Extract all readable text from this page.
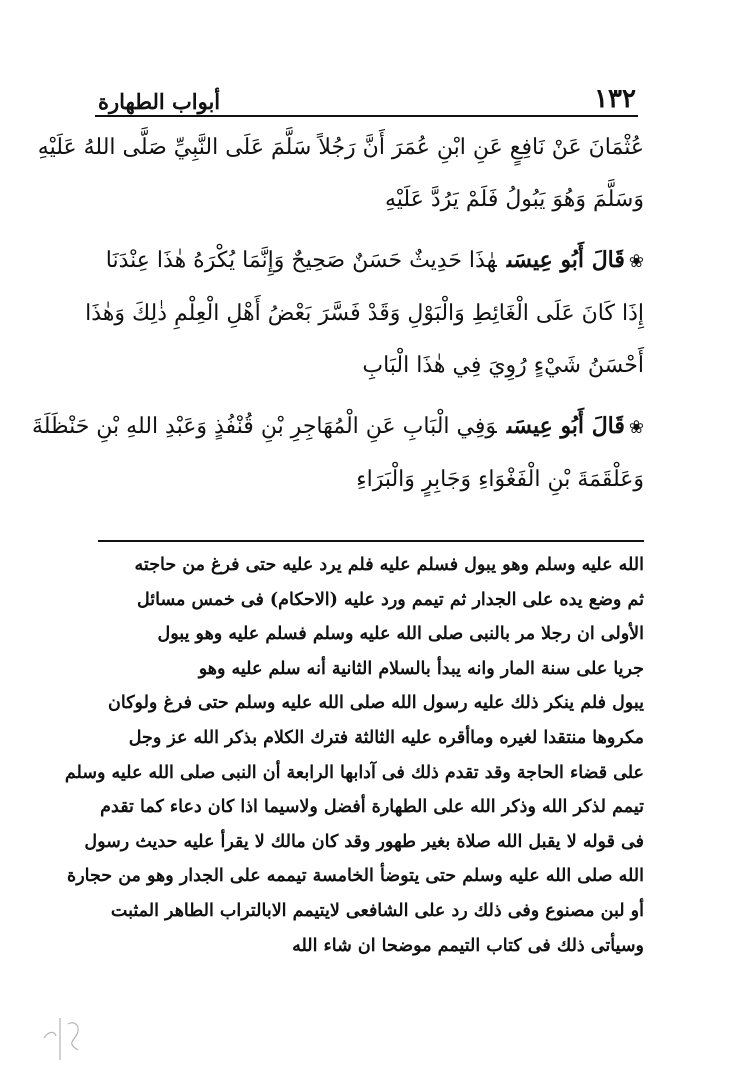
١٣٢
أبواب الطهارة

عُثْمَانَ عَنْ نَافِعٍ عَنِ ابْنِ عُمَرَ أَنَّ رَجُلاً سَلَّمَ عَلَى النَّبِيِّ صَلَّى اللهُ عَلَيْهِ
وَسَلَّمَ وَهُوَ يَبُولُ فَلَمْ يَرُدَّ عَلَيْهِ

❀قَالَ أَبُو عِيسَىهٰذَا حَدِيثٌ حَسَنٌ صَحِيحٌ وَإِنَّمَا يُكْرَهُ هٰذَا عِنْدَنَا
إِذَا كَانَ عَلَى الْغَائِطِ وَالْبَوْلِ وَقَدْ فَسَّرَ بَعْضُ أَهْلِ الْعِلْمِ ذٰلِكَ وَهٰذَا
أَحْسَنُ شَيْءٍ رُوِيَ فِي هٰذَا الْبَابِ

❀قَالَ أَبُو عِيسَىوَفِي الْبَابِ عَنِ الْمُهَاجِرِ بْنِ قُنْفُذٍ وَعَبْدِ اللهِ بْنِ حَنْظَلَةَ
وَعَلْقَمَةَ بْنِ الْفَغْوَاءِ وَجَابِرٍ وَالْبَرَاءِ

الله عليه وسلم وهو يبول فسلم عليه فلم يرد عليه حتى فرغ من حاجته
ثم وضع يده على الجدار ثم تيمم ورد عليه (الاحكام) فى خمس مسائل
الأولى ان رجلا مر بالنبى صلى الله عليه وسلم فسلم عليه وهو يبول
جريا على سنة المار وانه يبدأ بالسلام الثانية أنه سلم عليه وهو
يبول فلم ينكر ذلك عليه رسول الله صلى الله عليه وسلم حتى فرغ ولوكان
مكروها منتقدا لغيره وماأقره عليه الثالثة فترك الكلام بذكر الله عز وجل
على قضاء الحاجة وقد تقدم ذلك فى آدابها الرابعة أن النبى صلى الله عليه وسلم
تيمم لذكر الله وذكر الله على الطهارة أفضل ولاسيما اذا كان دعاء كما تقدم
فى قوله لا يقبل الله صلاة بغير طهور وقد كان مالك لا يقرأ عليه حديث رسول
الله صلى الله عليه وسلم حتى يتوضأ الخامسة تيممه على الجدار وهو من حجارة
أو لبن مصنوع وفى ذلك رد على الشافعى لايتيمم الابالتراب الطاهر المثبت
وسيأتى ذلك فى كتاب التيمم موضحا ان شاء الله
